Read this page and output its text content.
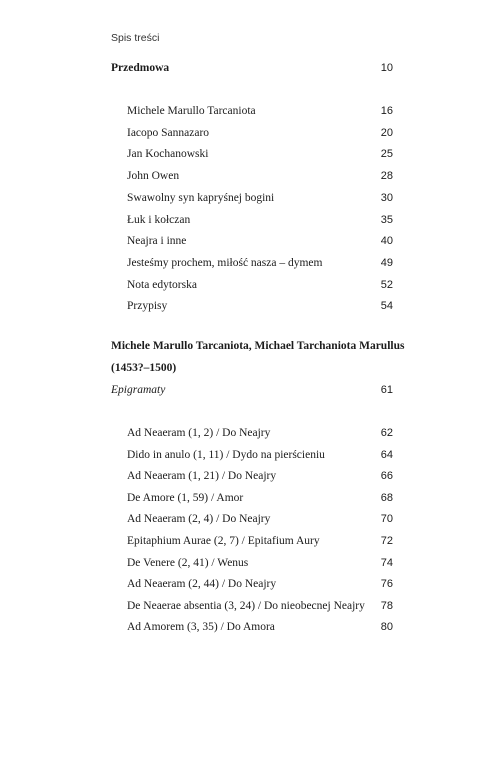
Spis treści
Przedmowa	10
Michele Marullo Tarcaniota	16
Iacopo Sannazaro	20
Jan Kochanowski	25
John Owen	28
Swawolny syn kapryśnej bogini	30
Łuk i kołczan	35
Neajra i inne	40
Jesteśmy prochem, miłość nasza – dymem	49
Nota edytorska	52
Przypisy	54
Michele Marullo Tarcaniota, Michael Tarchaniota Marullus
(1453?–1500)
Epigramaty	61
Ad Neaeram (1, 2) / Do Neajry	62
Dido in anulo (1, 11) / Dydo na pierścieniu	64
Ad Neaeram (1, 21) / Do Neajry	66
De Amore (1, 59) / Amor	68
Ad Neaeram (2, 4) / Do Neajry	70
Epitaphium Aurae (2, 7) / Epitafium Aury	72
De Venere (2, 41) / Wenus	74
Ad Neaeram (2, 44) / Do Neajry	76
De Neaerae absentia (3, 24) / Do nieobecnej Neajry 78
Ad Amorem (3, 35) / Do Amora	80
